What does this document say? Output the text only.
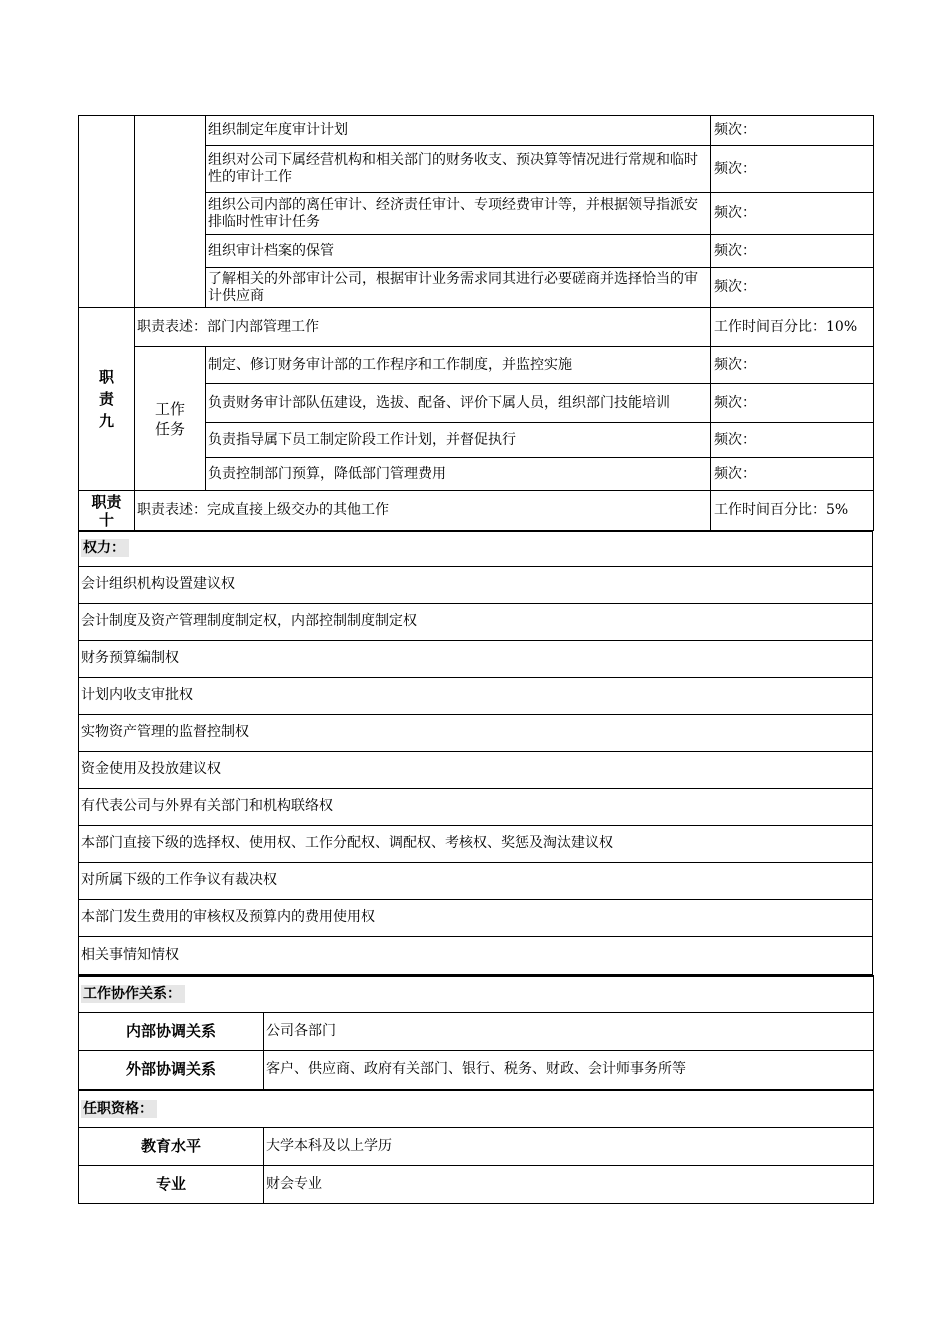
		组织制定年度审计计划	频次：
		组织对公司下属经营机构和相关部门的财务收支、预决算等情况进行常规和临时性的审计工作	频次：
		组织公司内部的离任审计、经济责任审计、专项经费审计等，并根据领导指派安排临时性审计任务	频次：
		组织审计档案的保管	频次：
		了解相关的外部审计公司，根据审计业务需求同其进行必要磋商并选择恰当的审计供应商	频次：
职责九	职责表述：部门内部管理工作		工作时间百分比：10%
	工作任务	制定、修订财务审计部的工作程序和工作制度，并监控实施	频次：
		负责财务审计部队伍建设，选拔、配备、评价下属人员，组织部门技能培训	频次：
		负责指导属下员工制定阶段工作计划，并督促执行	频次：
		负责控制部门预算，降低部门管理费用	频次：
职责十	职责表述：完成直接上级交办的其他工作		工作时间百分比：5%
权力：
会计组织机构设置建议权
会计制度及资产管理制度制定权，内部控制制度制定权
财务预算编制权
计划内收支审批权
实物资产管理的监督控制权
资金使用及投放建议权
有代表公司与外界有关部门和机构联络权
本部门直接下级的选择权、使用权、工作分配权、调配权、考核权、奖惩及淘汰建议权
对所属下级的工作争议有裁决权
本部门发生费用的审核权及预算内的费用使用权
相关事情知情权
工作协作关系：	
内部协调关系	公司各部门
外部协调关系	客户、供应商、政府有关部门、银行、税务、财政、会计师事务所等
任职资格：	
教育水平	大学本科及以上学历
专业	财会专业
